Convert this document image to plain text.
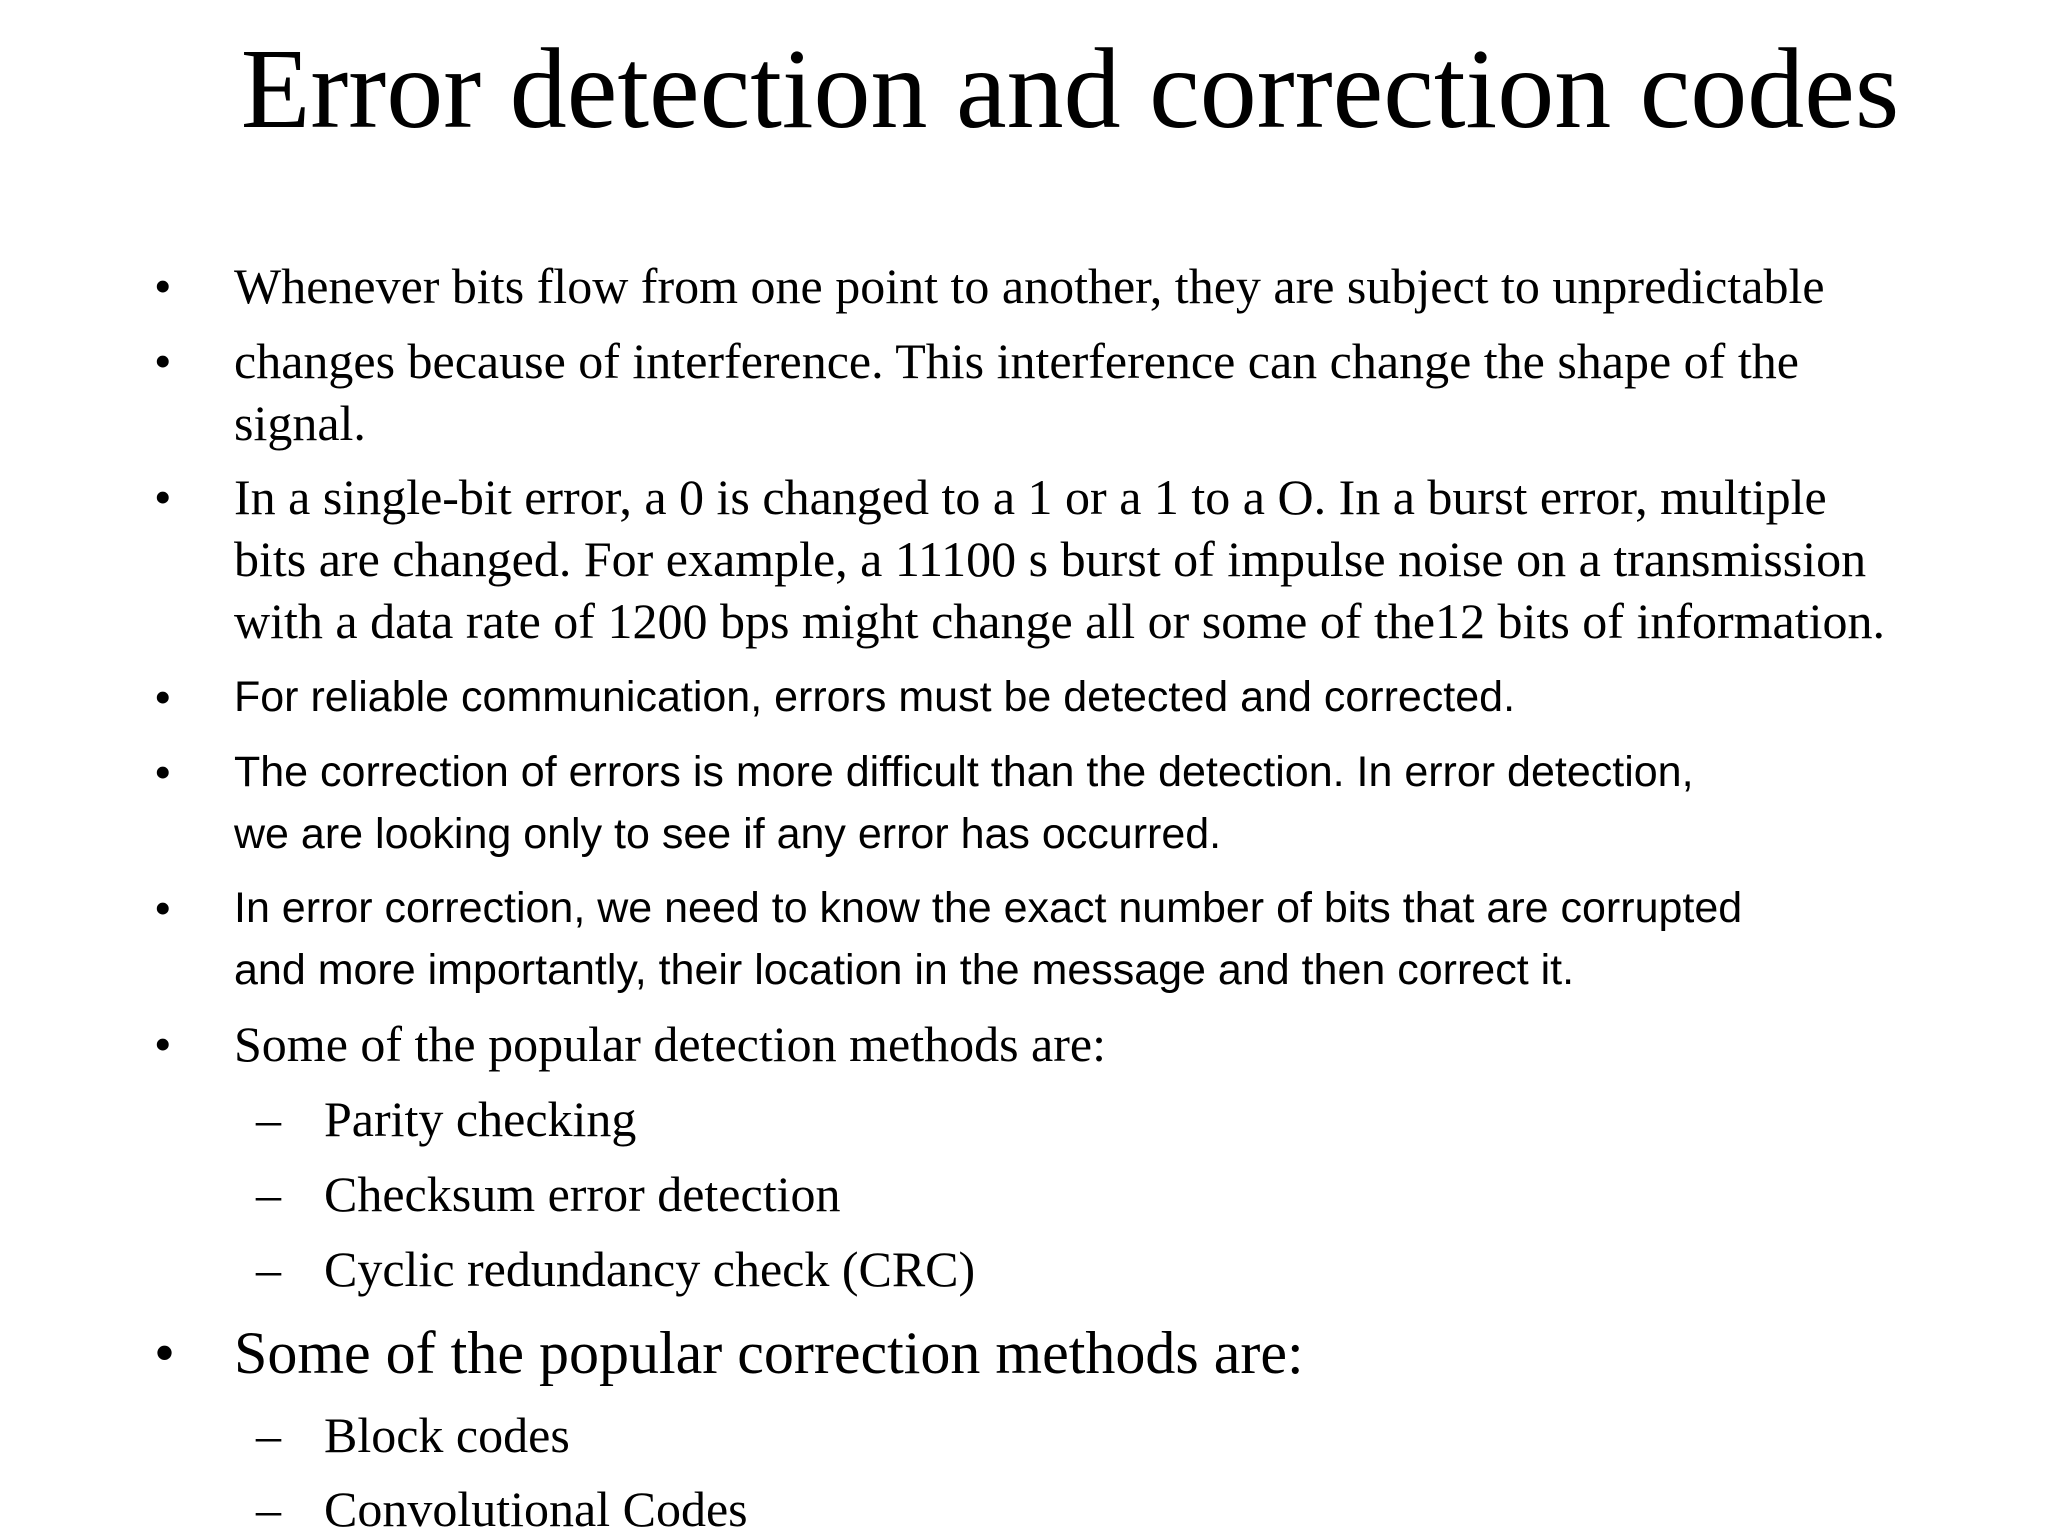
Error detection and correction codes
• Whenever bits flow from one point to another, they are subject to unpredictable
• changes because of interference. This interference can change the shape of the
signal.
• In a single-bit error, a 0 is changed to a 1 or a 1 to a O. In a burst error, multiple
bits are changed. For example, a 11100 s burst of impulse noise on a transmission
with a data rate of 1200 bps might change all or some of the12 bits of information.
• For reliable communication, errors must be detected and corrected.
• The correction of errors is more difficult than the detection. In error detection,
we are looking only to see if any error has occurred.
• In error correction, we need to know the exact number of bits that are corrupted
and more importantly, their location in the message and then correct it.
• Some of the popular detection methods are:
– Parity checking
– Checksum error detection
– Cyclic redundancy check (CRC)
• Some of the popular correction methods are:
– Block codes
– Convolutional Codes
